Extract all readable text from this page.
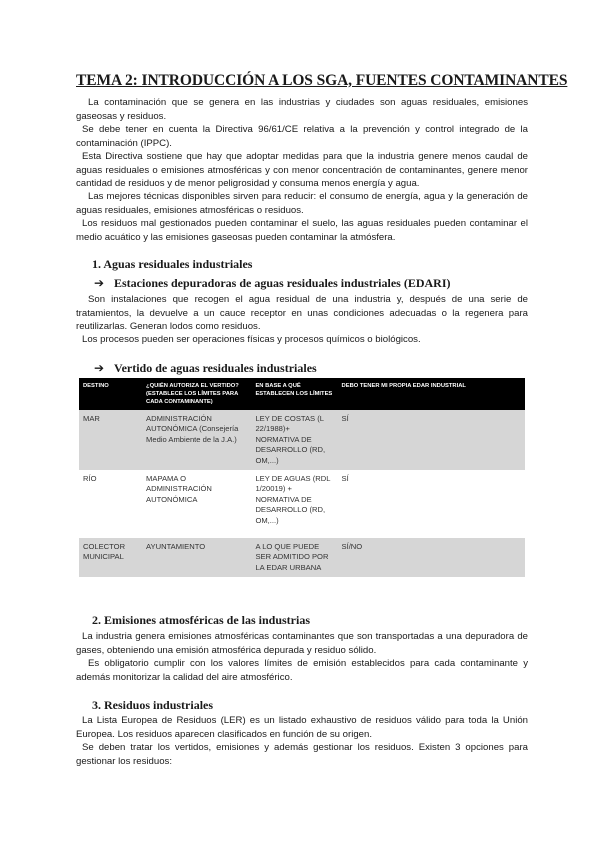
TEMA 2: INTRODUCCIÓN A LOS SGA, FUENTES CONTAMINANTES

La contaminación que se genera en las industrias y ciudades son aguas residuales, emisiones gaseosas y residuos.

Se debe tener en cuenta la Directiva 96/61/CE relativa a la prevención y control integrado de la contaminación (IPPC).

Esta Directiva sostiene que hay que adoptar medidas para que la industria genere menos caudal de aguas residuales o emisiones atmosféricas y con menor concentración de contaminantes, genere menor cantidad de residuos y de menor peligrosidad y consuma menos energía y agua.

Las mejores técnicas disponibles sirven para reducir: el consumo de energía, agua y la generación de aguas residuales, emisiones atmosféricas o residuos.

Los residuos mal gestionados pueden contaminar el suelo, las aguas residuales pueden contaminar el medio acuático y las emisiones gaseosas pueden contaminar la atmósfera.

1. Aguas residuales industriales
➔ Estaciones depuradoras de aguas residuales industriales (EDARI)

Son instalaciones que recogen el agua residual de una industria y, después de una serie de tratamientos, la devuelve a un cauce receptor en unas condiciones adecuadas o la regenera para reutilizarlas. Generan lodos como residuos.

Los procesos pueden ser operaciones físicas y procesos químicos o biológicos.

➔ Vertido de aguas residuales industriales
DESTINO	¿QUIÉN AUTORIZA EL VERTIDO? (ESTABLECE LOS LÍMITES PARA CADA CONTAMINANTE)	EN BASE A QUÉ ESTABLECEN LOS LÍMITES	DEBO TENER MI PROPIA EDAR INDUSTRIAL
MAR	ADMINISTRACIÓN AUTONÓMICA (Consejería Medio Ambiente de la J.A.)	LEY DE COSTAS (L 22/1988)+ NORMATIVA DE DESARROLLO (RD, OM,...)	SÍ
RÍO	MAPAMA O ADMINISTRACIÓN AUTONÓMICA	LEY DE AGUAS (RDL 1/20019) + NORMATIVA DE DESARROLLO (RD, OM,...)	SÍ
COLECTOR MUNICIPAL	AYUNTAMIENTO	A LO QUE PUEDE SER ADMITIDO POR LA EDAR URBANA	SÍ/NO
2. Emisiones atmosféricas de las industrias

La industria genera emisiones atmosféricas contaminantes que son transportadas a una depuradora de gases, obteniendo una emisión atmosférica depurada y residuo sólido.

Es obligatorio cumplir con los valores límites de emisión establecidos para cada contaminante y además monitorizar la calidad del aire atmosférico.

3. Residuos industriales

La Lista Europea de Residuos (LER) es un listado exhaustivo de residuos válido para toda la Unión Europea. Los residuos aparecen clasificados en función de su origen.

Se deben tratar los vertidos, emisiones y además gestionar los residuos. Existen 3 opciones para gestionar los residuos:
